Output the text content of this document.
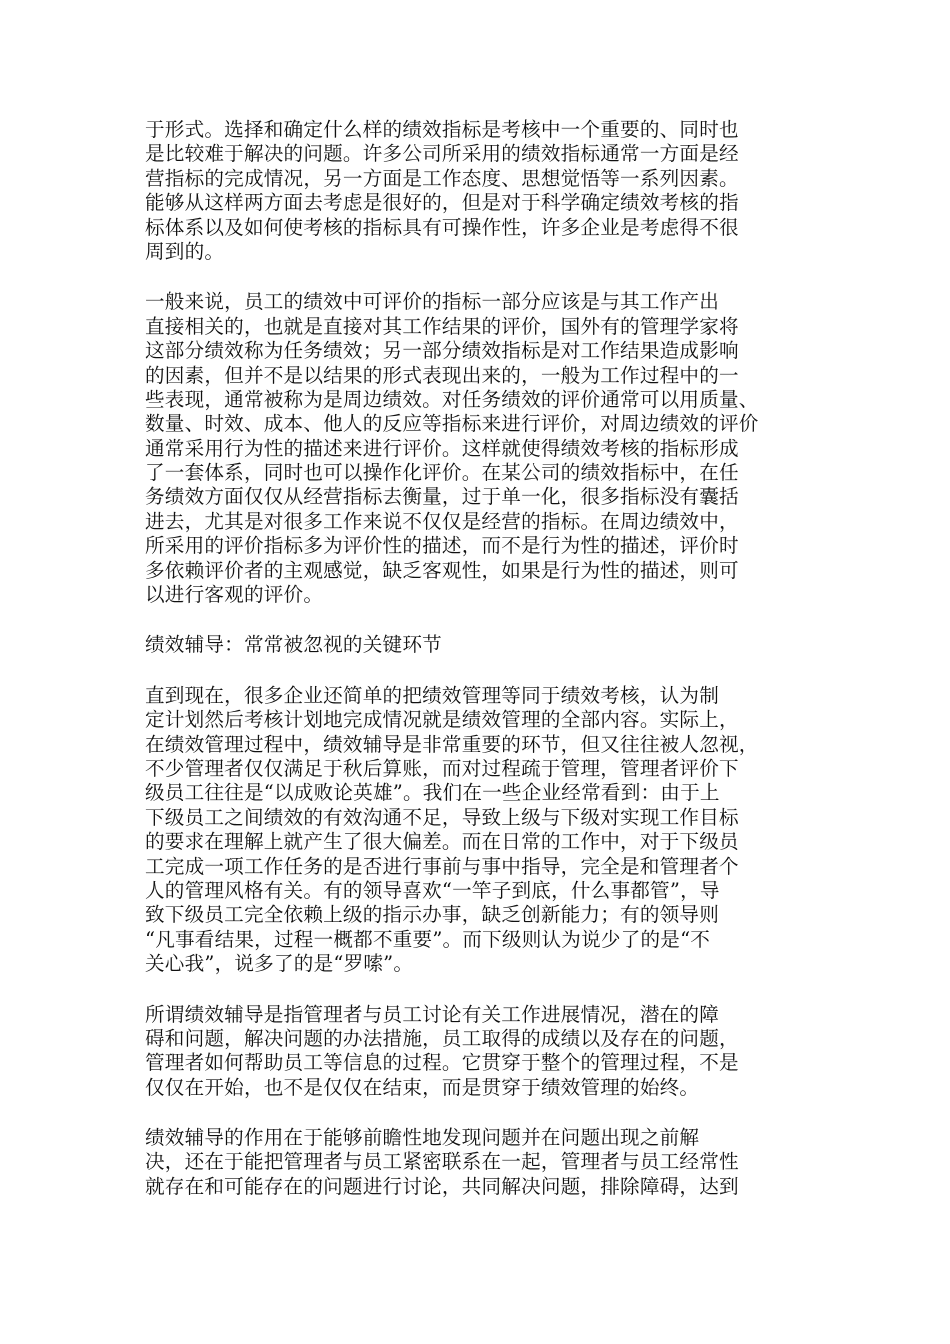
于形式。选择和确定什么样的绩效指标是考核中一个重要的、同时也
是比较难于解决的问题。许多公司所采用的绩效指标通常一方面是经
营指标的完成情况，另一方面是工作态度、思想觉悟等一系列因素。
能够从这样两方面去考虑是很好的，但是对于科学确定绩效考核的指
标体系以及如何使考核的指标具有可操作性，许多企业是考虑得不很
周到的。
一般来说，员工的绩效中可评价的指标一部分应该是与其工作产出
直接相关的，也就是直接对其工作结果的评价，国外有的管理学家将
这部分绩效称为任务绩效；另一部分绩效指标是对工作结果造成影响
的因素，但并不是以结果的形式表现出来的，一般为工作过程中的一
些表现，通常被称为是周边绩效。对任务绩效的评价通常可以用质量、
数量、时效、成本、他人的反应等指标来进行评价，对周边绩效的评价
通常采用行为性的描述来进行评价。这样就使得绩效考核的指标形成
了一套体系，同时也可以操作化评价。在某公司的绩效指标中，在任
务绩效方面仅仅从经营指标去衡量，过于单一化，很多指标没有囊括
进去，尤其是对很多工作来说不仅仅是经营的指标。在周边绩效中，
所采用的评价指标多为评价性的描述，而不是行为性的描述，评价时
多依赖评价者的主观感觉，缺乏客观性，如果是行为性的描述，则可
以进行客观的评价。
绩效辅导：常常被忽视的关键环节
直到现在，很多企业还简单的把绩效管理等同于绩效考核，认为制
定计划然后考核计划地完成情况就是绩效管理的全部内容。实际上，
在绩效管理过程中，绩效辅导是非常重要的环节，但又往往被人忽视，
不少管理者仅仅满足于秋后算账，而对过程疏于管理，管理者评价下
级员工往往是“以成败论英雄”。我们在一些企业经常看到：由于上
下级员工之间绩效的有效沟通不足，导致上级与下级对实现工作目标
的要求在理解上就产生了很大偏差。而在日常的工作中，对于下级员
工完成一项工作任务的是否进行事前与事中指导，完全是和管理者个
人的管理风格有关。有的领导喜欢“一竿子到底，什么事都管”，导
致下级员工完全依赖上级的指示办事，缺乏创新能力；有的领导则
“凡事看结果，过程一概都不重要”。而下级则认为说少了的是“不
关心我”，说多了的是“罗嗦”。
所谓绩效辅导是指管理者与员工讨论有关工作进展情况，潜在的障
碍和问题，解决问题的办法措施，员工取得的成绩以及存在的问题，
管理者如何帮助员工等信息的过程。它贯穿于整个的管理过程，不是
仅仅在开始，也不是仅仅在结束，而是贯穿于绩效管理的始终。
绩效辅导的作用在于能够前瞻性地发现问题并在问题出现之前解
决，还在于能把管理者与员工紧密联系在一起，管理者与员工经常性
就存在和可能存在的问题进行讨论，共同解决问题，排除障碍，达到
